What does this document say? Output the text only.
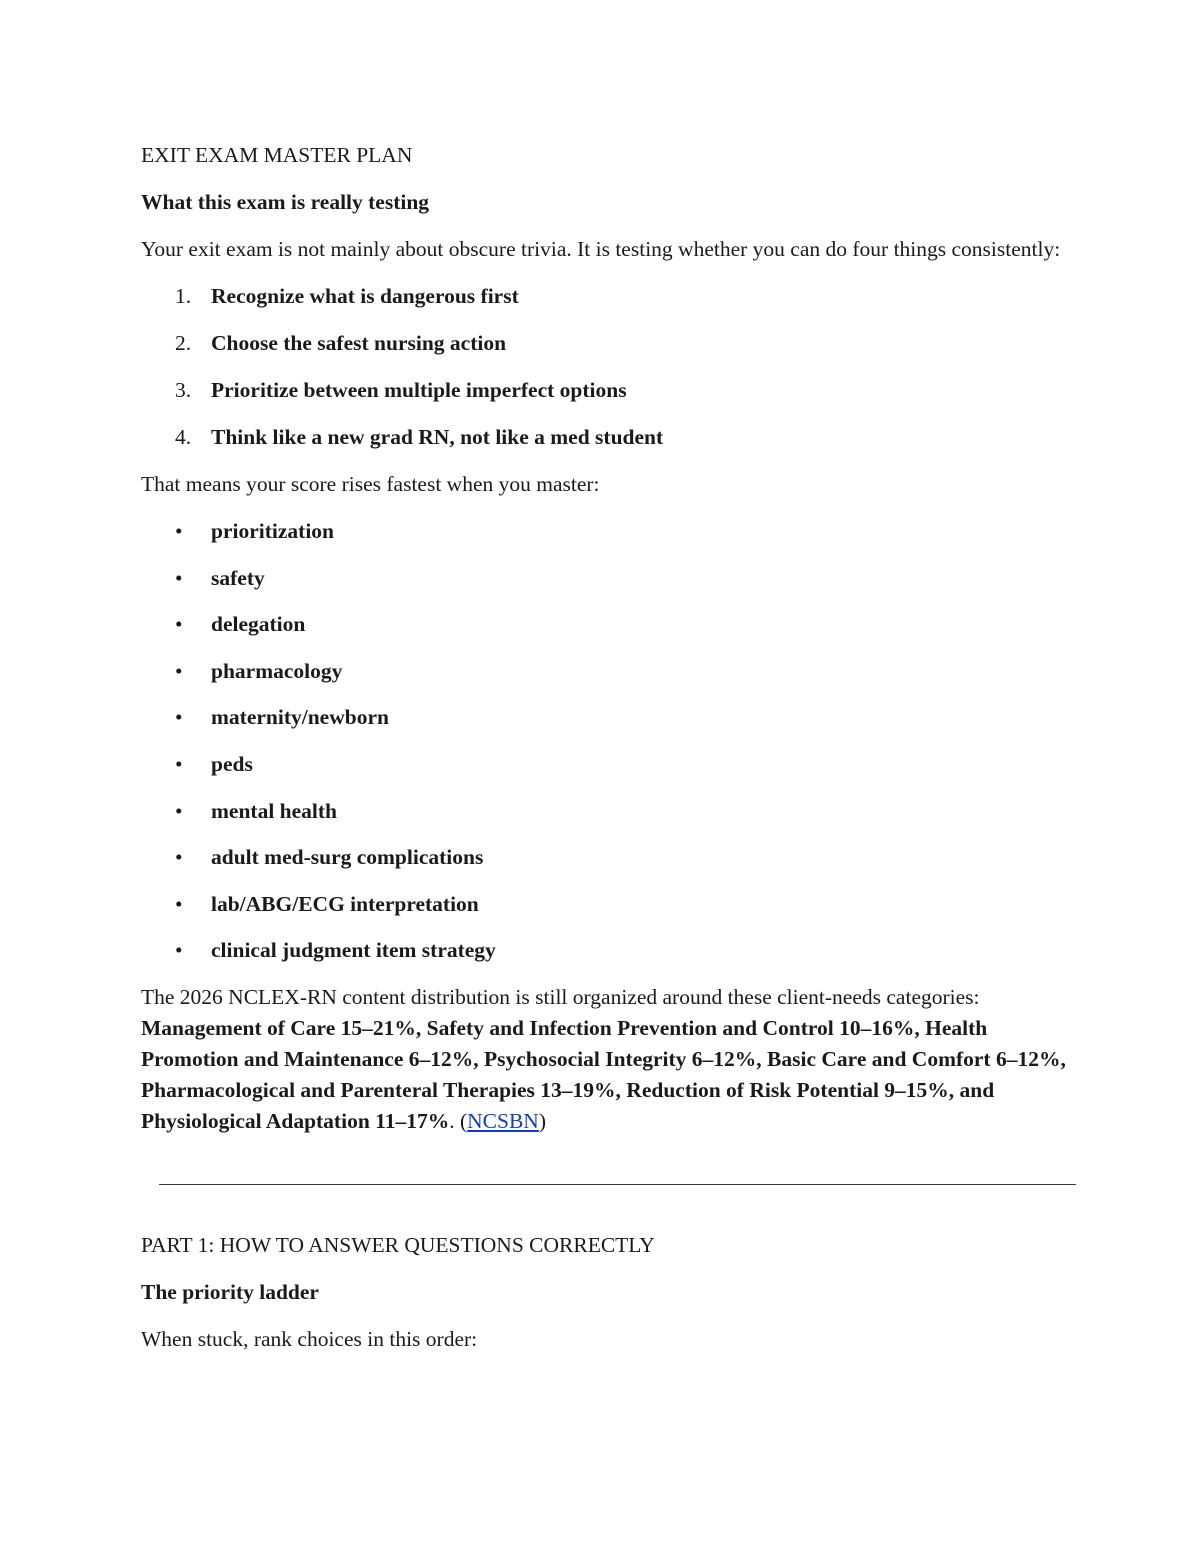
EXIT EXAM MASTER PLAN

What this exam is really testing

Your exit exam is not mainly about obscure trivia. It is testing whether you can do four things consistently:

1. Recognize what is dangerous first
2. Choose the safest nursing action
3. Prioritize between multiple imperfect options
4. Think like a new grad RN, not like a med student

That means your score rises fastest when you master:

• prioritization
• safety
• delegation
• pharmacology
• maternity/newborn
• peds
• mental health
• adult med-surg complications
• lab/ABG/ECG interpretation
• clinical judgment item strategy

The 2026 NCLEX-RN content distribution is still organized around these client-needs categories: Management of Care 15–21%, Safety and Infection Prevention and Control 10–16%, Health Promotion and Maintenance 6–12%, Psychosocial Integrity 6–12%, Basic Care and Comfort 6–12%, Pharmacological and Parenteral Therapies 13–19%, Reduction of Risk Potential 9–15%, and Physiological Adaptation 11–17%. (NCSBN)

PART 1: HOW TO ANSWER QUESTIONS CORRECTLY

The priority ladder

When stuck, rank choices in this order:
